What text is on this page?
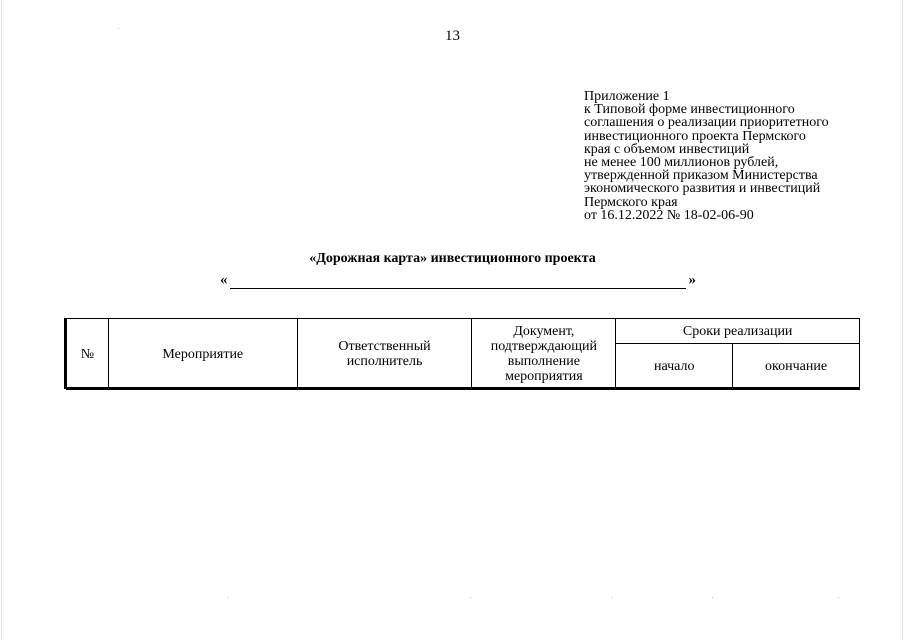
13
Приложение 1
к Типовой форме инвестиционного
соглашения о реализации приоритетного
инвестиционного проекта Пермского
края с объемом инвестиций
не менее 100 миллионов рублей,
утвержденной приказом Министерства
экономического развития и инвестиций
Пермского края
от 16.12.2022 № 18-02-06-90
«Дорожная карта» инвестиционного проекта
«	»
№	Мероприятие	Ответственный исполнитель	Документ, подтверждающий выполнение мероприятия	Сроки реализации	
				начало	окончание
